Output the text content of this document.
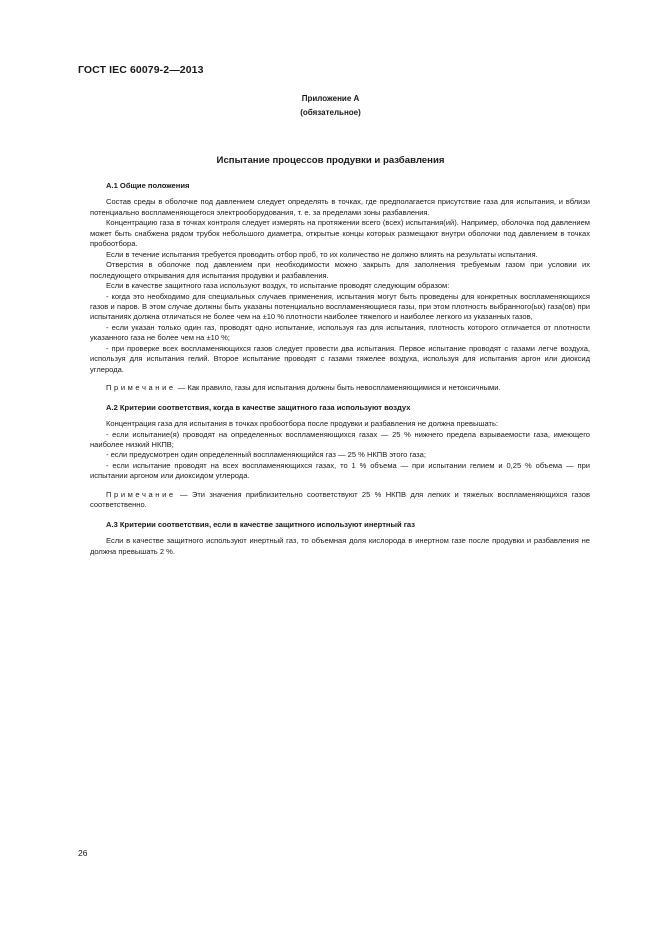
ГОСТ IEC 60079-2—2013
Приложение А
(обязательное)
Испытание процессов продувки и разбавления
А.1 Общие положения

Состав среды в оболочке под давлением следует определять в точках, где предполагается присутствие газа для испытания, и вблизи потенциально воспламеняющегося электрооборудования, т. е. за пределами зоны разбавления.

Концентрацию газа в точках контроля следует измерять на протяжении всего (всех) испытания(ий). Например, оболочка под давлением может быть снабжена рядом трубок небольшого диаметра, открытые концы которых размещают внутри оболочки под давлением в точках пробоотбора.

Если в течение испытания требуется проводить отбор проб, то их количество не должно влиять на результаты испытания.

Отверстия в оболочке под давлением при необходимости можно закрыть для заполнения требуемым газом при условии их последующего открывания для испытания продувки и разбавления.

Если в качестве защитного газа используют воздух, то испытание проводят следующим образом:

- когда это необходимо для специальных случаев применения, испытания могут быть проведены для конкретных воспламеняющихся газов и паров. В этом случае должны быть указаны потенциально воспламеняющиеся газы, при этом плотность выбранного(ых) газа(ов) при испытаниях должна отличаться не более чем на ±10 % плотности наиболее тяжелого и наиболее легкого из указанных газов,

- если указан только один газ, проводят одно испытание, используя газ для испытания, плотность которого отличается от плотности указанного газа не более чем на ±10 %;

- при проверке всех воспламеняющихся газов следует провести два испытания. Первое испытание проводят с газами легче воздуха, используя для испытания гелий. Второе испытание проводят с газами тяжелее воздуха, используя для испытания аргон или диоксид углерода.

Примечание — Как правило, газы для испытания должны быть невоспламеняющимися и нетоксичными.

А.2 Критерии соответствия, когда в качестве защитного газа используют воздух

Концентрация газа для испытания в точках пробоотбора после продувки и разбавления не должна превышать:

- если испытание(я) проводят на определенных воспламеняющихся газах — 25 % нижнего предела взрываемости газа, имеющего наиболее низкий НКПВ;

- если предусмотрен один определенный воспламеняющийся газ — 25 % НКПВ этого газа;

- если испытание проводят на всех воспламеняющихся газах, то 1 % объема — при испытании гелием и 0,25 % объема — при испытании аргоном или диоксидом углерода.

Примечание — Эти значения приблизительно соответствуют 25 % НКПВ для легких и тяжелых воспламеняющихся газов соответственно.

А.3 Критерии соответствия, если в качестве защитного используют инертный газ

Если в качестве защитного используют инертный газ, то объемная доля кислорода в инертном газе после продувки и разбавления не должна превышать 2 %.

26
